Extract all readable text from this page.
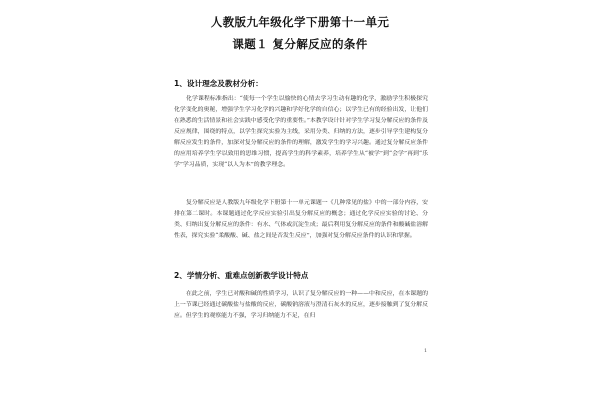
人教版九年级化学下册第十一单元
课题１ 复分解反应的条件
1、设计理念及教材分析：

化学课程标准指出：“使每一个学生以愉快的心情去学习生动有趣的化学，激励学生积极探究化学变化的奥秘，增强学生学习化学的兴趣和学好化学的自信心；以学生已有的经验出发，让他们在熟悉的生活情景和社会实践中感受化学的重要性。”本教学设计针对学生学习复分解反应的条件及反应规律，围绕的特点，以学生探究实验为主线，采用分类、归纳的方法，逐步引导学生建构复分解反应发生的条件，加深对复分解反应的条件的理解，激发学生的学习兴趣。通过复分解反应条件的应用培养学生学以致用的思维习惯，提高学生的科学素养，培养学生从“被学”到“会学”再到“乐学”学习品质，实现“以人为本”的教学理念。

复分解反应是人教版九年级化学下册第十一单元课题一《几种常见的盐》中的一部分内容，安排在第二课时。本课题通过化学反应实验引出复分解反应的概念；通过化学反应实验的讨论、分类、归纳出复分解反应的条件：有水、气体或沉淀生成；最后利用复分解反应的条件和酸碱盐溶解性表，探究实验“柔酸酸、碱、盐之间是否发生反应”，加强对复分解反应条件的认识和掌握。

2、学情分析、重难点创新教学设计特点

在此之前，学生已对酸和碱的性质学习，认识了复分解反应的一种——中和反应，在本课题的上一节课已经通过碳酸盐与盐酸的反应，碳酸钠溶液与澄清石灰水的反应，逐步接触到了复分解反应。但学生的观察能力不强，学习归纳能力不足，在归

1
